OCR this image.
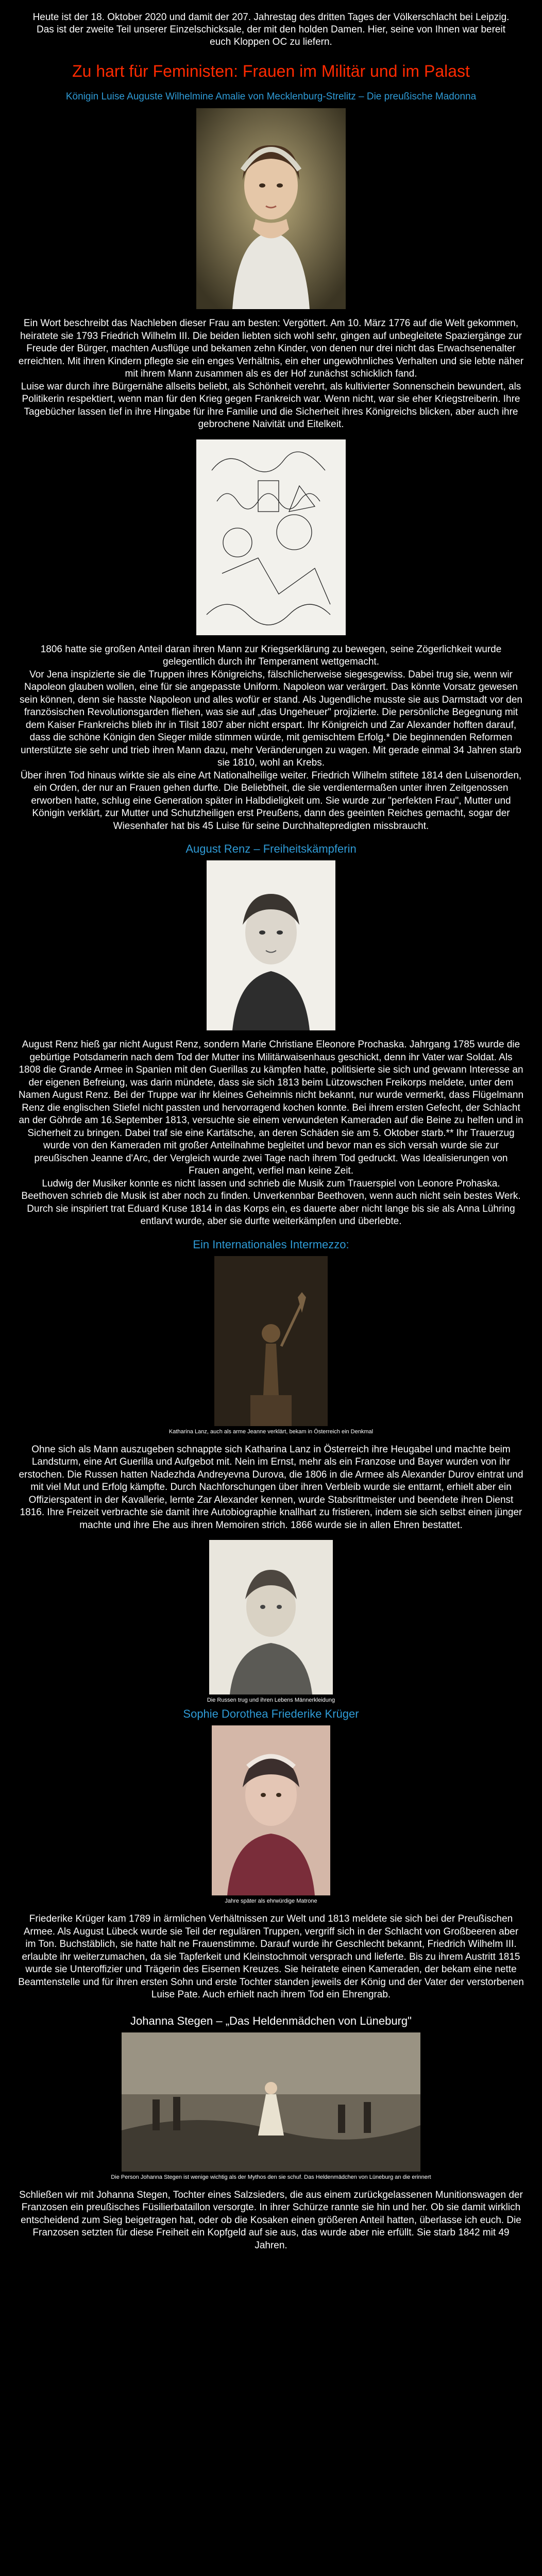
Heute ist der 18. Oktober 2020 und damit der 207. Jahrestag des dritten Tages der Völkerschlacht bei Leipzig. Das ist der zweite Teil unserer Einzelschicksale, der mit den holden Damen. Hier, seine von Ihnen war bereit euch Kloppen OC zu liefern.
Zu hart für Feministen: Frauen im Militär und im Palast
Königin Luise Auguste Wilhelmine Amalie von Mecklenburg-Strelitz – Die preußische Madonna

Ein Wort beschreibt das Nachleben dieser Frau am besten: Vergöttert. Am 10. März 1776 auf die Welt gekommen, heiratete sie 1793 Friedrich Wilhelm III. Die beiden liebten sich wohl sehr, gingen auf unbegleitete Spaziergänge zur Freude der Bürger, machten Ausflüge und bekamen zehn Kinder, von denen nur drei nicht das Erwachsenenalter erreichten. Mit ihren Kindern pflegte sie ein enges Verhältnis, ein eher ungewöhnliches Verhalten und sie lebte näher mit ihrem Mann zusammen als es der Hof zunächst schicklich fand.

Luise war durch ihre Bürgernähe allseits beliebt, als Schönheit verehrt, als kultivierter Sonnenschein bewundert, als Politikerin respektiert, wenn man für den Krieg gegen Frankreich war. Wenn nicht, war sie eher Kriegstreiberin. Ihre Tagebücher lassen tief in ihre Hingabe für ihre Familie und die Sicherheit ihres Königreichs blicken, aber auch ihre gebrochene Naivität und Eitelkeit.

1806 hatte sie großen Anteil daran ihren Mann zur Kriegserklärung zu bewegen, seine Zögerlichkeit wurde gelegentlich durch ihr Temperament wettgemacht.

Vor Jena inspizierte sie die Truppen ihres Königreichs, fälschlicherweise siegesgewiss. Dabei trug sie, wenn wir Napoleon glauben wollen, eine für sie angepasste Uniform. Napoleon war verärgert. Das könnte Vorsatz gewesen sein können, denn sie hasste Napoleon und alles wofür er stand. Als Jugendliche musste sie aus Darmstadt vor den französischen Revolutionsgarden fliehen, was sie auf „das Ungeheuer" projizierte. Die persönliche Begegnung mit dem Kaiser Frankreichs blieb ihr in Tilsit 1807 aber nicht erspart. Ihr Königreich und Zar Alexander hofften darauf, dass die schöne Königin den Sieger milde stimmen würde, mit gemischtem Erfolg.* Die beginnenden Reformen unterstützte sie sehr und trieb ihren Mann dazu, mehr Veränderungen zu wagen. Mit gerade einmal 34 Jahren starb sie 1810, wohl an Krebs.

Über ihren Tod hinaus wirkte sie als eine Art Nationalheilige weiter. Friedrich Wilhelm stiftete 1814 den Luisenorden, ein Orden, der nur an Frauen gehen durfte. Die Beliebtheit, die sie verdientermaßen unter ihren Zeitgenossen erworben hatte, schlug eine Generation später in Halbdieligkeit um. Sie wurde zur "perfekten Frau", Mutter und Königin verklärt, zur Mutter und Schutzheiligen erst Preußens, dann des geeinten Reiches gemacht, sogar der Wiesenhafer hat bis 45 Luise für seine Durchhaltepredigten missbraucht.

August Renz – Freiheitskämpferin

August Renz hieß gar nicht August Renz, sondern Marie Christiane Eleonore Prochaska. Jahrgang 1785 wurde die gebürtige Potsdamerin nach dem Tod der Mutter ins Militärwaisenhaus geschickt, denn ihr Vater war Soldat. Als 1808 die Grande Armee in Spanien mit den Guerillas zu kämpfen hatte, politisierte sie sich und gewann Interesse an der eigenen Befreiung, was darin mündete, dass sie sich 1813 beim Lützowschen Freikorps meldete, unter dem Namen August Renz. Bei der Truppe war ihr kleines Geheimnis nicht bekannt, nur wurde vermerkt, dass Flügelmann Renz die englischen Stiefel nicht passten und hervorragend kochen konnte. Bei ihrem ersten Gefecht, der Schlacht an der Göhrde am 16.September 1813, versuchte sie einem verwundeten Kameraden auf die Beine zu helfen und in Sicherheit zu bringen. Dabei traf sie eine Kartätsche, an deren Schäden sie am 5. Oktober starb.** Ihr Trauerzug wurde von den Kameraden mit großer Anteilnahme begleitet und bevor man es sich versah wurde sie zur preußischen Jeanne d'Arc, der Vergleich wurde zwei Tage nach ihrem Tod gedruckt. Was Idealisierungen von Frauen angeht, verfiel man keine Zeit.

Ludwig der Musiker konnte es nicht lassen und schrieb die Musik zum Trauerspiel von Leonore Prohaska. Beethoven schrieb die Musik ist aber noch zu finden. Unverkennbar Beethoven, wenn auch nicht sein bestes Werk. Durch sie inspiriert trat Eduard Kruse 1814 in das Korps ein, es dauerte aber nicht lange bis sie als Anna Lühring entlarvt wurde, aber sie durfte weiterkämpfen und überlebte.

Ein Internationales Intermezzo:
Katharina Lanz, auch als arme Jeanne verklärt, bekam in Österreich ein Denkmal

Ohne sich als Mann auszugeben schnappte sich Katharina Lanz in Österreich ihre Heugabel und machte beim Landsturm, eine Art Guerilla und Aufgebot mit. Nein im Ernst, mehr als ein Franzose und Bayer wurden von ihr erstochen. Die Russen hatten Nadezhda Andreyevna Durova, die 1806 in die Armee als Alexander Durov eintrat und mit viel Mut und Erfolg kämpfte. Durch Nachforschungen über ihren Verbleib wurde sie enttarnt, erhielt aber ein Offizierspatent in der Kavallerie, lernte Zar Alexander kennen, wurde Stabsrittmeister und beendete ihren Dienst 1816. Ihre Freizeit verbrachte sie damit ihre Autobiographie knallhart zu fristieren, indem sie sich selbst einen jünger machte und ihre Ehe aus ihren Memoiren strich. 1866 wurde sie in allen Ehren bestattet.

Die Russen trug und ihren Lebens Männerkleidung
Sophie Dorothea Friederike Krüger
Jahre später als ehrwürdige Matrone

Friederike Krüger kam 1789 in ärmlichen Verhältnissen zur Welt und 1813 meldete sie sich bei der Preußischen Armee. Als August Lübeck wurde sie Teil der regulären Truppen, vergriff sich in der Schlacht von Großbeeren aber im Ton. Buchstäblich, sie hatte halt ne Frauenstimme. Darauf wurde ihr Geschlecht bekannt, Friedrich Wilhelm III. erlaubte ihr weiterzumachen, da sie Tapferkeit und Kleinstochmoit versprach und lieferte. Bis zu ihrem Austritt 1815 wurde sie Unteroffizier und Trägerin des Eisernen Kreuzes. Sie heiratete einen Kameraden, der bekam eine nette Beamtenstelle und für ihren ersten Sohn und erste Tochter standen jeweils der König und der Vater der verstorbenen Luise Pate. Auch erhielt nach ihrem Tod ein Ehrengrab.

Johanna Stegen – „Das Heldenmädchen von Lüneburg"
Die Person Johanna Stegen ist wenige wichtig als der Mythos den sie schuf. Das Heldenmädchen von Lüneburg an die erinnert

Schließen wir mit Johanna Stegen, Tochter eines Salzsieders, die aus einem zurückgelassenen Munitionswagen der Franzosen ein preußisches Füsilierbataillon versorgte. In ihrer Schürze rannte sie hin und her. Ob sie damit wirklich entscheidend zum Sieg beigetragen hat, oder ob die Kosaken einen größeren Anteil hatten, überlasse ich euch. Die Franzosen setzten für diese Freiheit ein Kopfgeld auf sie aus, das wurde aber nie erfüllt. Sie starb 1842 mit 49 Jahren.
